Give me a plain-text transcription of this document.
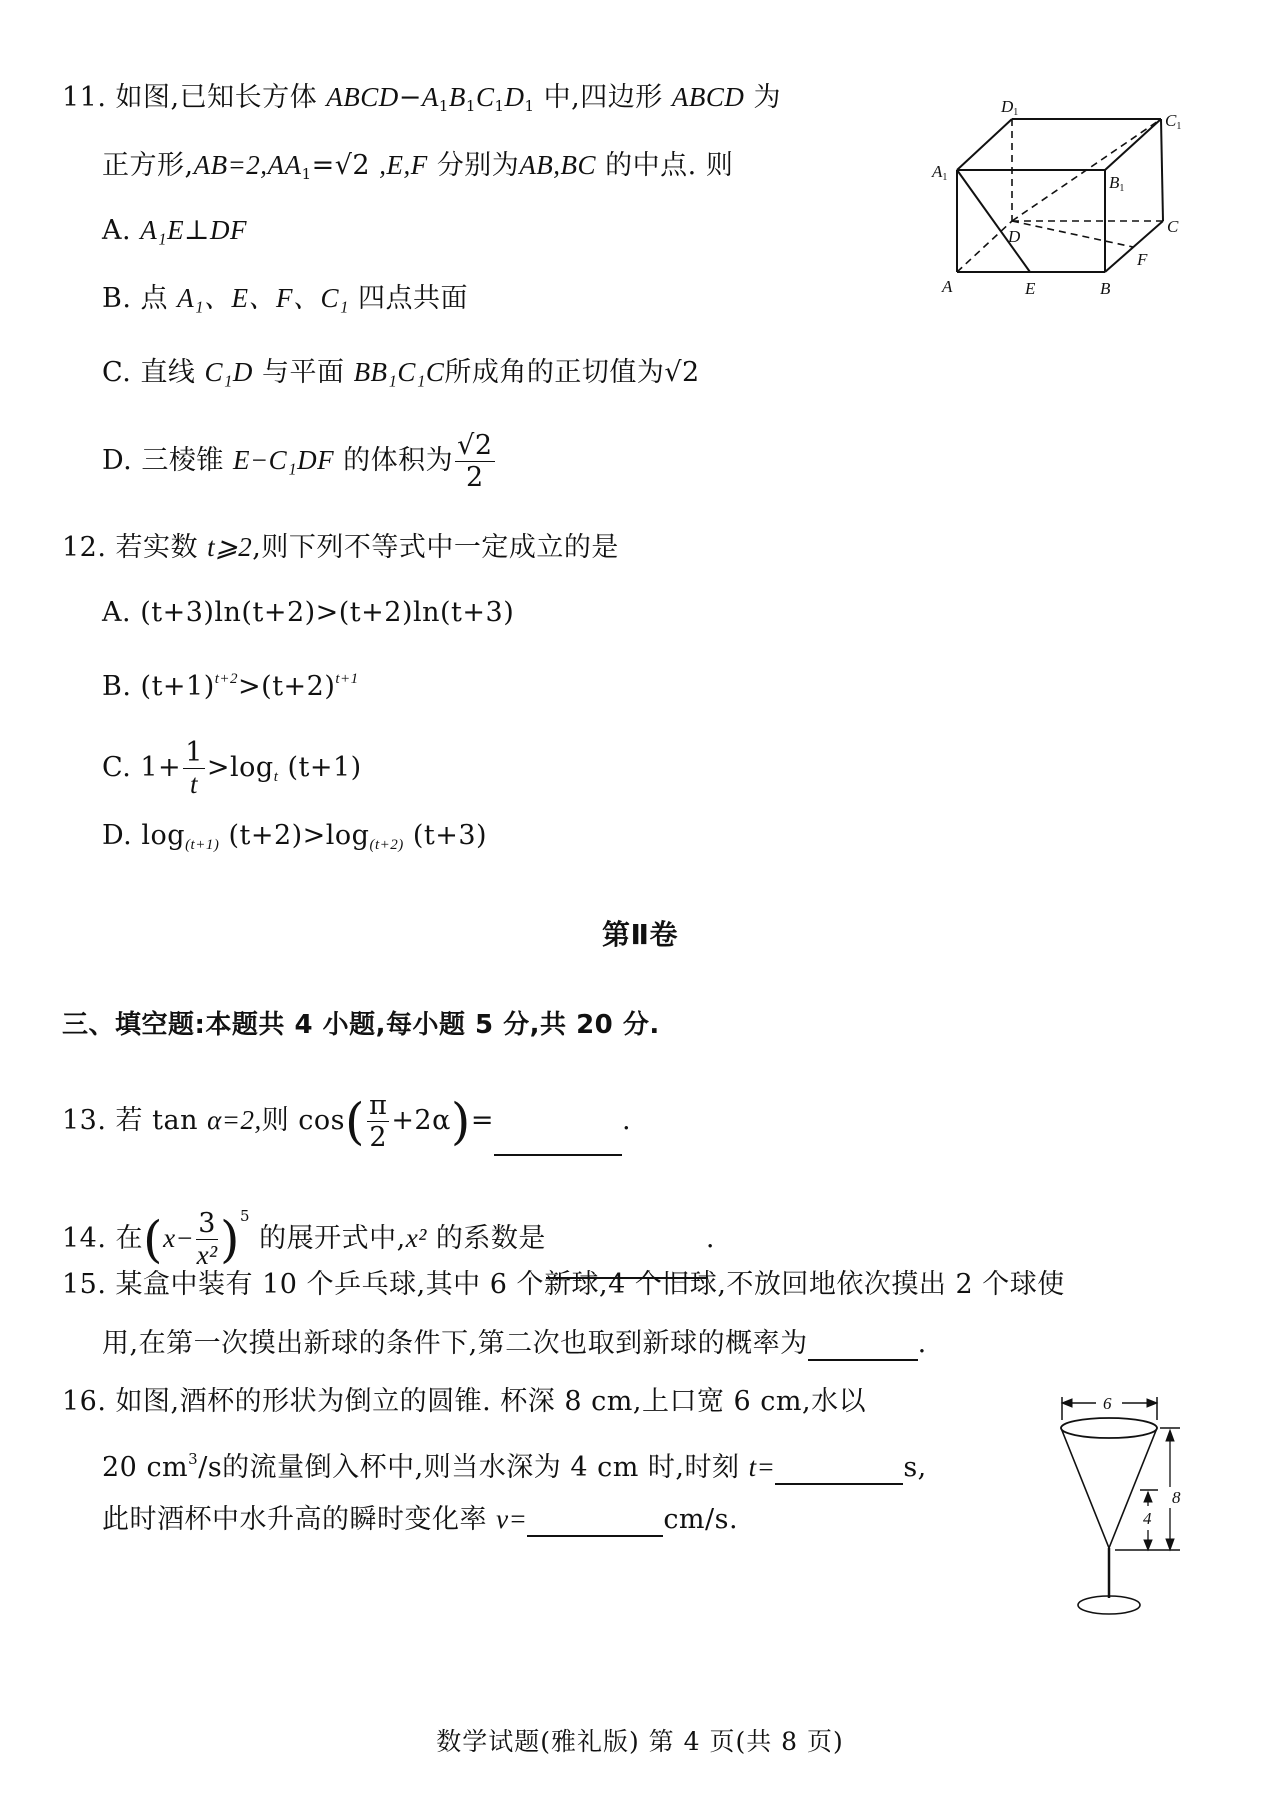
11. 如图,已知长方体 $ABCD-A_1B_1C_1D_1$ 中,四边形 ABCD 为
正方形$,AB=2,AA_1=√2$ ,E,F 分别为AB,BC 的中点. 则
A. A₁E⊥DF
B. 点 A₁、E、F、C₁ 四点共面
C. 直线 C₁D 与平面 BB₁C₁C所成角的正切值为√2
D. 三棱锥 E−C₁DF 的体积为 $\frac{√2}{2}$
D1	C1
A1	B1
D
C
F
A	E	B
12. 若实数 t⩾2,则下列不等式中一定成立的是
A. (t+3)ln(t+2)>(t+2)ln(t+3)
B. $(t+1)^{t+2}>(t+2)^{t+1}$
C. $1+ \frac{1}{t} >\log_t$ (t+1)
D. $\log_{(t+1)} (t+2)>\log_{(t+2)}$ (t+3)
第Ⅱ卷
三、填空题:本题共 4 小题,每小题 5 分,共 20 分.
13. 若 tan α=2,则 $\cos( \frac{\pi}{2} +2\alpha)=$	.
14. 在$(x- \frac{3}{\text{x²}} )^5$ 的展开式中,x² 的系数是	.
15. 某盒中装有 10 个乒乓球,其中 6 个新球,4 个旧球,不放回地依次摸出 2 个球使
用,在第一次摸出新球的条件下,第二次也取到新球的概率为	.
16. 如图,酒杯的形状为倒立的圆锥. 杯深 8 cm,上口宽 6 cm,水以
20 $cm^3/s$的流量倒入杯中,则当水深为 4 cm 时,时刻 t=	s,
此时酒杯中水升高的瞬时变化率 v=	cm/s.
6
8
4
数学试题(雅礼版) 第 4 页(共 8 页)
